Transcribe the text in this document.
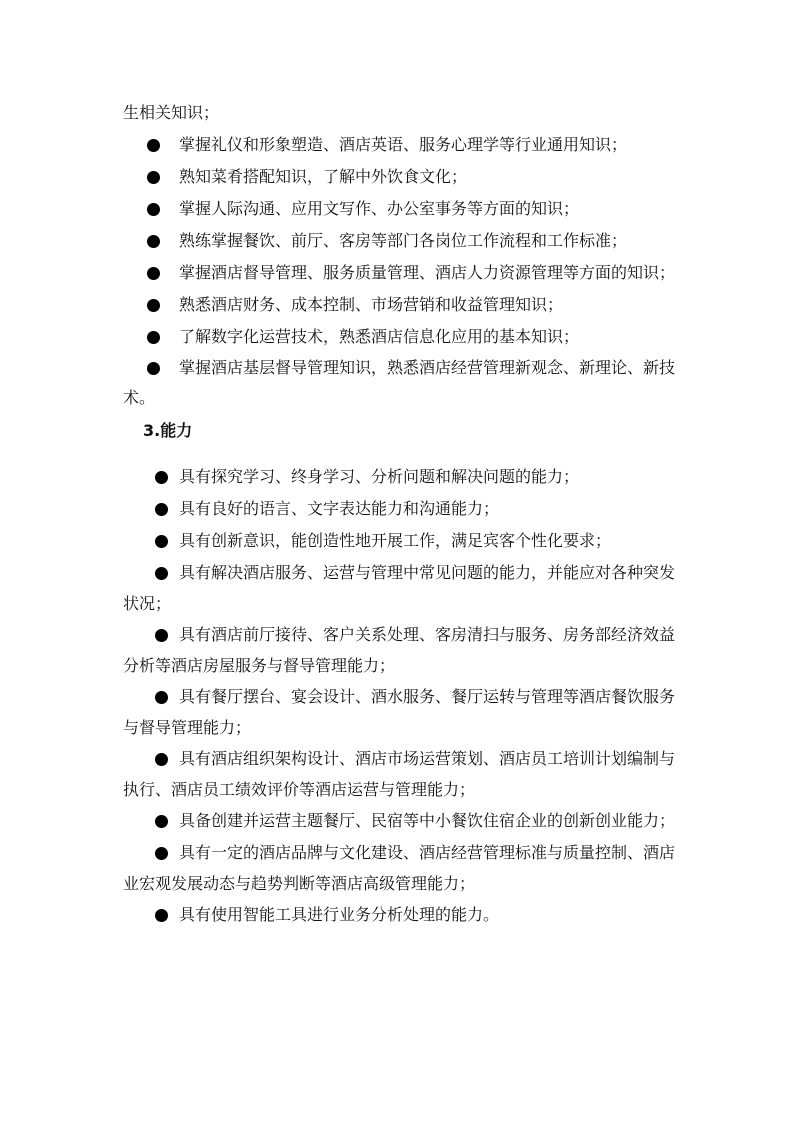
生相关知识；
掌握礼仪和形象塑造、酒店英语、服务心理学等行业通用知识；
熟知菜肴搭配知识，了解中外饮食文化；
掌握人际沟通、应用文写作、办公室事务等方面的知识；
熟练掌握餐饮、前厅、客房等部门各岗位工作流程和工作标准；
掌握酒店督导管理、服务质量管理、酒店人力资源管理等方面的知识；
熟悉酒店财务、成本控制、市场营销和收益管理知识；
了解数字化运营技术，熟悉酒店信息化应用的基本知识；
掌握酒店基层督导管理知识，熟悉酒店经营管理新观念、新理论、新技
术。
3.能力
具有探究学习、终身学习、分析问题和解决问题的能力；
具有良好的语言、文字表达能力和沟通能力；
具有创新意识，能创造性地开展工作，满足宾客个性化要求；
具有解决酒店服务、运营与管理中常见问题的能力，并能应对各种突发
状况；
具有酒店前厅接待、客户关系处理、客房清扫与服务、房务部经济效益
分析等酒店房屋服务与督导管理能力；
具有餐厅摆台、宴会设计、酒水服务、餐厅运转与管理等酒店餐饮服务
与督导管理能力；
具有酒店组织架构设计、酒店市场运营策划、酒店员工培训计划编制与
执行、酒店员工绩效评价等酒店运营与管理能力；
具备创建并运营主题餐厅、民宿等中小餐饮住宿企业的创新创业能力；
具有一定的酒店品牌与文化建设、酒店经营管理标准与质量控制、酒店
业宏观发展动态与趋势判断等酒店高级管理能力；
具有使用智能工具进行业务分析处理的能力。
